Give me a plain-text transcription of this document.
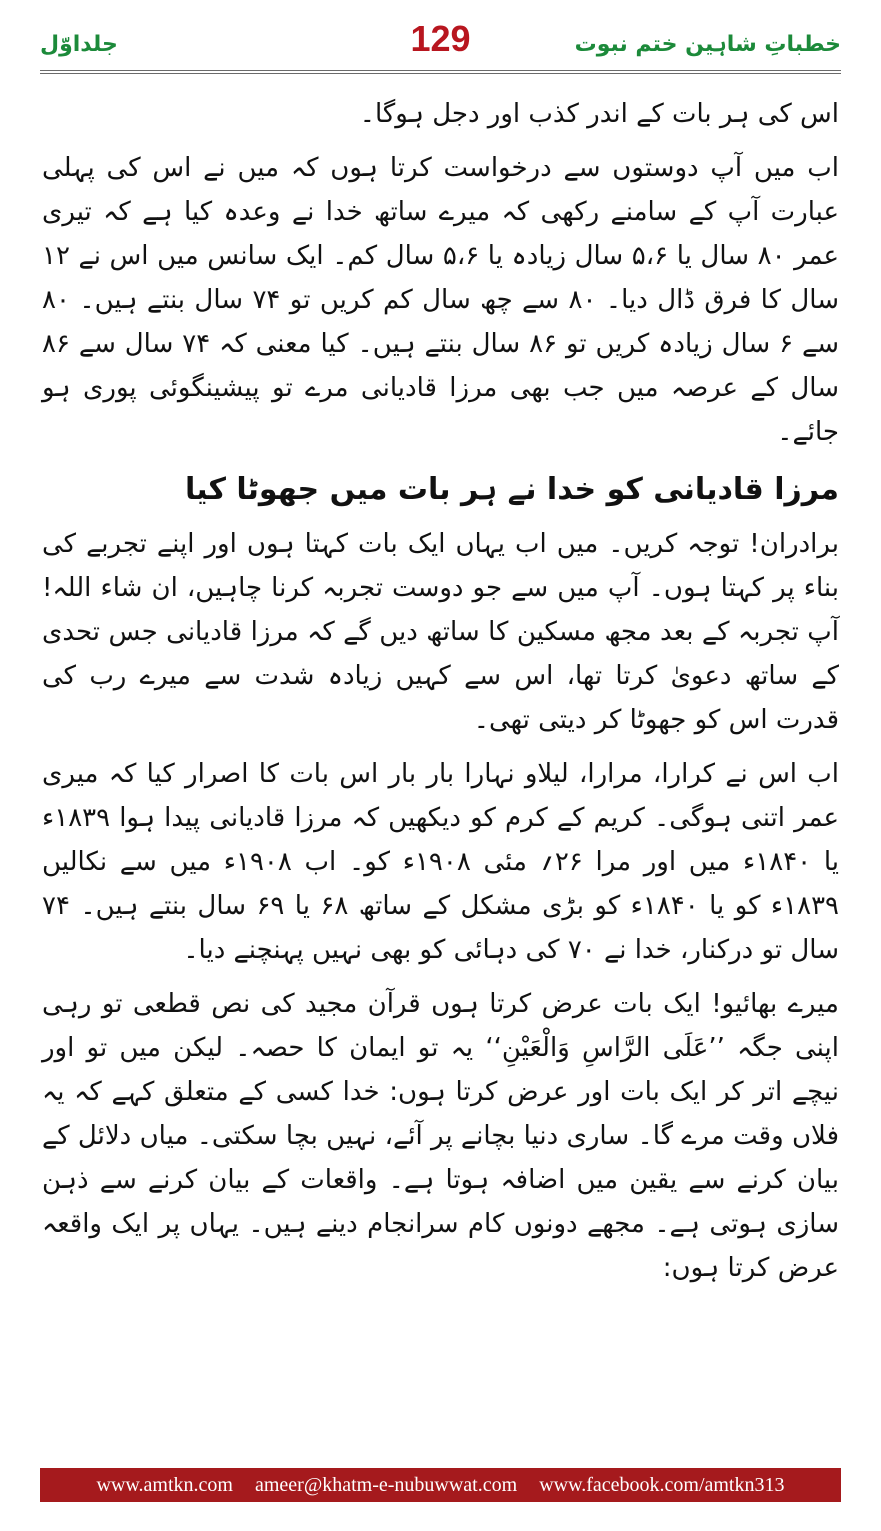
جلداوّل	129	خطباتِ شاہین ختم نبوت

اس کی ہر بات کے اندر کذب اور دجل ہوگا۔

اب میں آپ دوستوں سے درخواست کرتا ہوں کہ میں نے اس کی پہلی عبارت آپ کے سامنے رکھی کہ میرے ساتھ خدا نے وعدہ کیا ہے کہ تیری عمر ۸۰ سال یا ۵،۶ سال زیادہ یا ۵،۶ سال کم۔ ایک سانس میں اس نے ۱۲ سال کا فرق ڈال دیا۔ ۸۰ سے چھ سال کم کریں تو ۷۴ سال بنتے ہیں۔ ۸۰ سے ۶ سال زیادہ کریں تو ۸۶ سال بنتے ہیں۔ کیا معنی کہ ۷۴ سال سے ۸۶ سال کے عرصہ میں جب بھی مرزا قادیانی مرے تو پیشینگوئی پوری ہو جائے۔

مرزا قادیانی کو خدا نے ہر بات میں جھوٹا کیا

برادران! توجہ کریں۔ میں اب یہاں ایک بات کہتا ہوں اور اپنے تجربے کی بناء پر کہتا ہوں۔ آپ میں سے جو دوست تجربہ کرنا چاہیں، ان شاء اللہ! آپ تجربہ کے بعد مجھ مسکین کا ساتھ دیں گے کہ مرزا قادیانی جس تحدی کے ساتھ دعویٰ کرتا تھا، اس سے کہیں زیادہ شدت سے میرے رب کی قدرت اس کو جھوٹا کر دیتی تھی۔

اب اس نے کرارا، مرارا، لیلاو نہارا بار بار اس بات کا اصرار کیا کہ میری عمر اتنی ہوگی۔ کریم کے کرم کو دیکھیں کہ مرزا قادیانی پیدا ہوا ۱۸۳۹ء یا ۱۸۴۰ء میں اور مرا ۲۶؍ مئی ۱۹۰۸ء کو۔ اب ۱۹۰۸ء میں سے نکالیں ۱۸۳۹ء کو یا ۱۸۴۰ء کو بڑی مشکل کے ساتھ ۶۸ یا ۶۹ سال بنتے ہیں۔ ۷۴ سال تو درکنار، خدا نے ۷۰ کی دہائی کو بھی نہیں پہنچنے دیا۔

میرے بھائیو! ایک بات عرض کرتا ہوں قرآن مجید کی نص قطعی تو رہی اپنی جگہ ’’عَلَی الرَّاسِ وَالْعَیْنِ‘‘ یہ تو ایمان کا حصہ۔ لیکن میں تو اور نیچے اتر کر ایک بات اور عرض کرتا ہوں: خدا کسی کے متعلق کہے کہ یہ فلاں وقت مرے گا۔ ساری دنیا بچانے پر آئے، نہیں بچا سکتی۔ میاں دلائل کے بیان کرنے سے یقین میں اضافہ ہوتا ہے۔ واقعات کے بیان کرنے سے ذہن سازی ہوتی ہے۔ مجھے دونوں کام سرانجام دینے ہیں۔ یہاں پر ایک واقعہ عرض کرتا ہوں:

www.amtkn.com ameer@khatm-e-nubuwwat.com www.facebook.com/amtkn313
